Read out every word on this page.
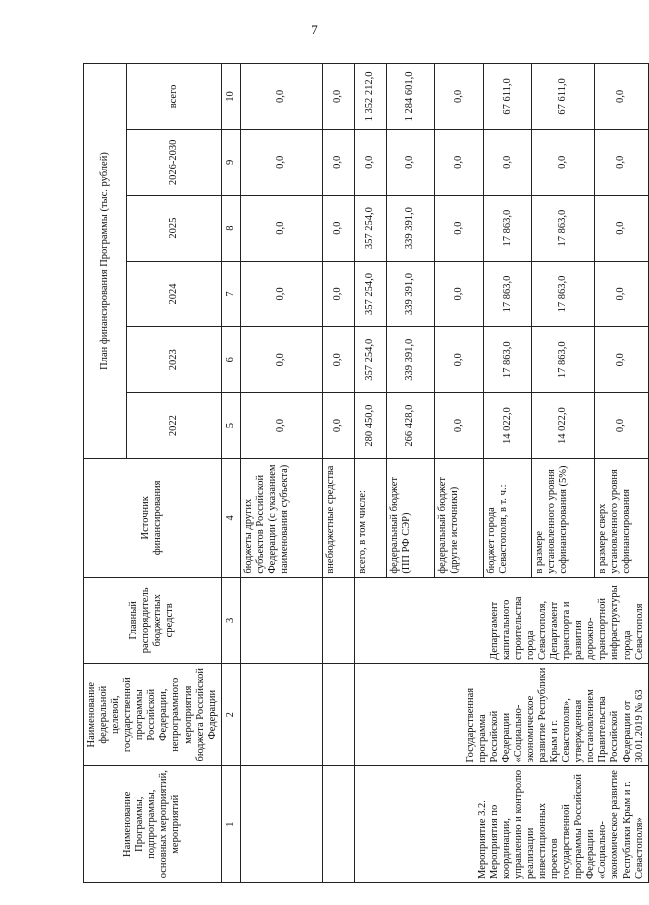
7
Наименование Программы, подпрограммы, основных мероприятий, мероприятий	Наименование федеральной целевой, государственной программы Российской Федерации, непрограммного мероприятия бюджета Российской Федерации	Главный распорядитель бюджетных средств	Источник финансирования	План финансирования Программы (тыс. рублей)					
				2022	2023	2024	2025	2026-2030	всего
1	2	3	4	5	6	7	8	9	10
			бюджеты других субъектов Российской Федерации (с указанием наименования субъекта)	0,0	0,0	0,0	0,0	0,0	0,0
			внебюджетные средства	0,0	0,0	0,0	0,0	0,0	0,0
Мероприятие 3.2. Мероприятия по координации, управлению и контролю реализации инвестиционных проектов государственной программы Российской Федерации «Социально-экономическое развитие Республики Крым и г. Севастополя»	Государственная программа Российской Федерации «Социально-экономическое развитие Республики Крым и г. Севастополя», утвержденная постановлением Правительства Российской Федерации от 30.01.2019 № 63	Департамент капитального строительства города Севастополя, Департамент транспорта и развития дорожно-транспортной инфраструктуры города Севастополя	всего, в том числе:	280 450,0	357 254,0	357 254,0	357 254,0	0,0	1 352 212,0
			федеральный бюджет (ПП РФ СЭР)	266 428,0	339 391,0	339 391,0	339 391,0	0,0	1 284 601,0
			федеральный бюджет (другие источники)	0,0	0,0	0,0	0,0	0,0	0,0
			бюджет города Севастополя, в т. ч.:	14 022,0	17 863,0	17 863,0	17 863,0	0,0	67 611,0
			в размере установленного уровня софинансирования (5%)	14 022,0	17 863,0	17 863,0	17 863,0	0,0	67 611,0
			в размере сверх установленного уровня софинансирования	0,0	0,0	0,0	0,0	0,0	0,0
